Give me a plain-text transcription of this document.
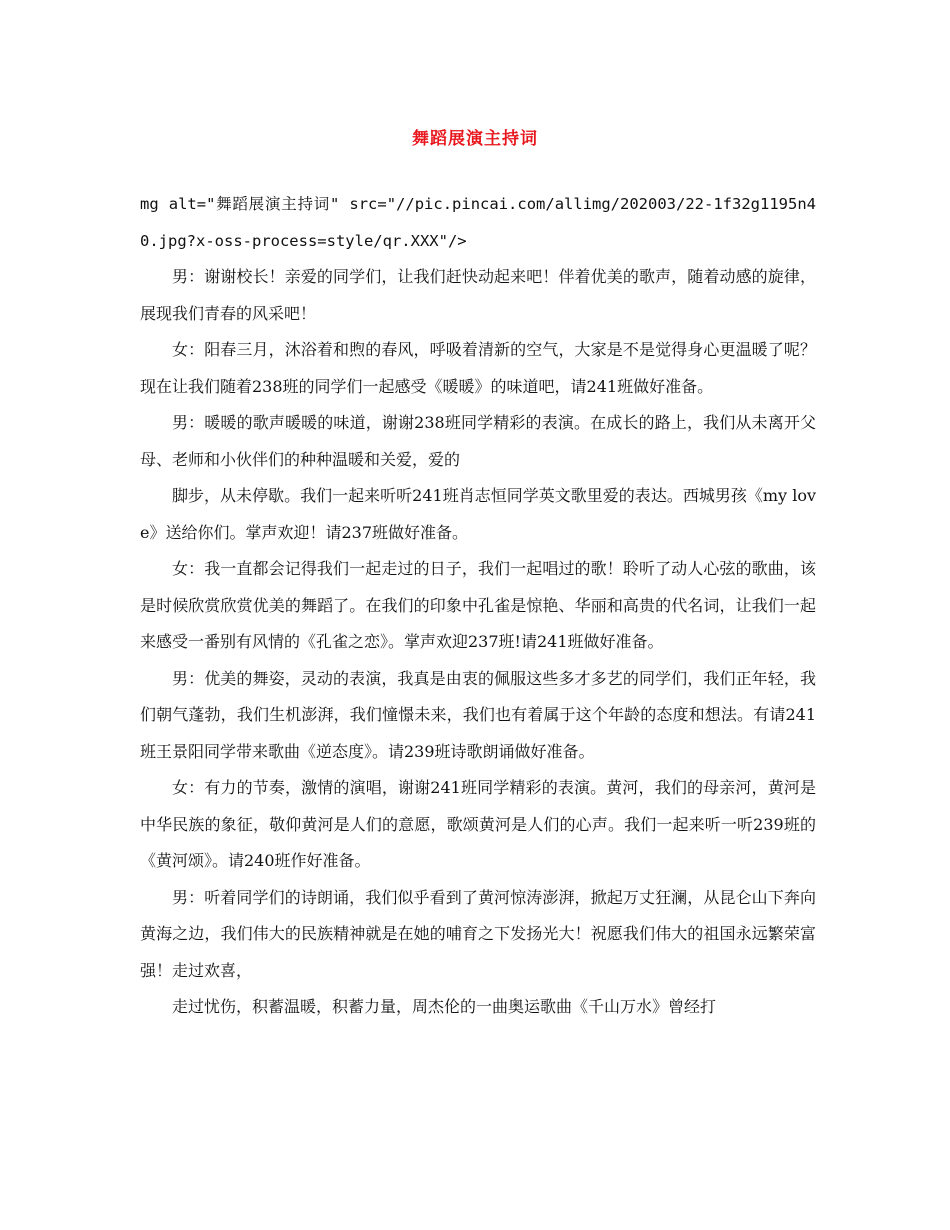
舞蹈展演主持词

mg alt="舞蹈展演主持词" src="//pic.pincai.com/allimg/202003/22-1f32g1195n40.jpg?x-oss-process=style/qr.XXX"/>

男：谢谢校长！亲爱的同学们，让我们赶快动起来吧！伴着优美的歌声，随着动感的旋律，展现我们青春的风采吧！

女：阳春三月，沐浴着和煦的春风，呼吸着清新的空气，大家是不是觉得身心更温暖了呢？现在让我们随着238班的同学们一起感受《暖暖》的味道吧，请241班做好准备。

男：暖暖的歌声暖暖的味道，谢谢238班同学精彩的表演。在成长的路上，我们从未离开父母、老师和小伙伴们的种种温暖和关爱，爱的

脚步，从未停歇。我们一起来听听241班肖志恒同学英文歌里爱的表达。西城男孩《my love》送给你们。掌声欢迎！请237班做好准备。

女：我一直都会记得我们一起走过的日子，我们一起唱过的歌！聆听了动人心弦的歌曲，该是时候欣赏欣赏优美的舞蹈了。在我们的印象中孔雀是惊艳、华丽和高贵的代名词，让我们一起来感受一番别有风情的《孔雀之恋》。掌声欢迎237班!请241班做好准备。

男：优美的舞姿，灵动的表演，我真是由衷的佩服这些多才多艺的同学们，我们正年轻，我们朝气蓬勃，我们生机澎湃，我们憧憬未来，我们也有着属于这个年龄的态度和想法。有请241班王景阳同学带来歌曲《逆态度》。请239班诗歌朗诵做好准备。

女：有力的节奏，激情的演唱，谢谢241班同学精彩的表演。黄河，我们的母亲河，黄河是中华民族的象征，敬仰黄河是人们的意愿，歌颂黄河是人们的心声。我们一起来听一听239班的《黄河颂》。请240班作好准备。

男：听着同学们的诗朗诵，我们似乎看到了黄河惊涛澎湃，掀起万丈狂澜，从昆仑山下奔向黄海之边，我们伟大的民族精神就是在她的哺育之下发扬光大！祝愿我们伟大的祖国永远繁荣富强！走过欢喜，

走过忧伤，积蓄温暖，积蓄力量，周杰伦的一曲奥运歌曲《千山万水》曾经打
